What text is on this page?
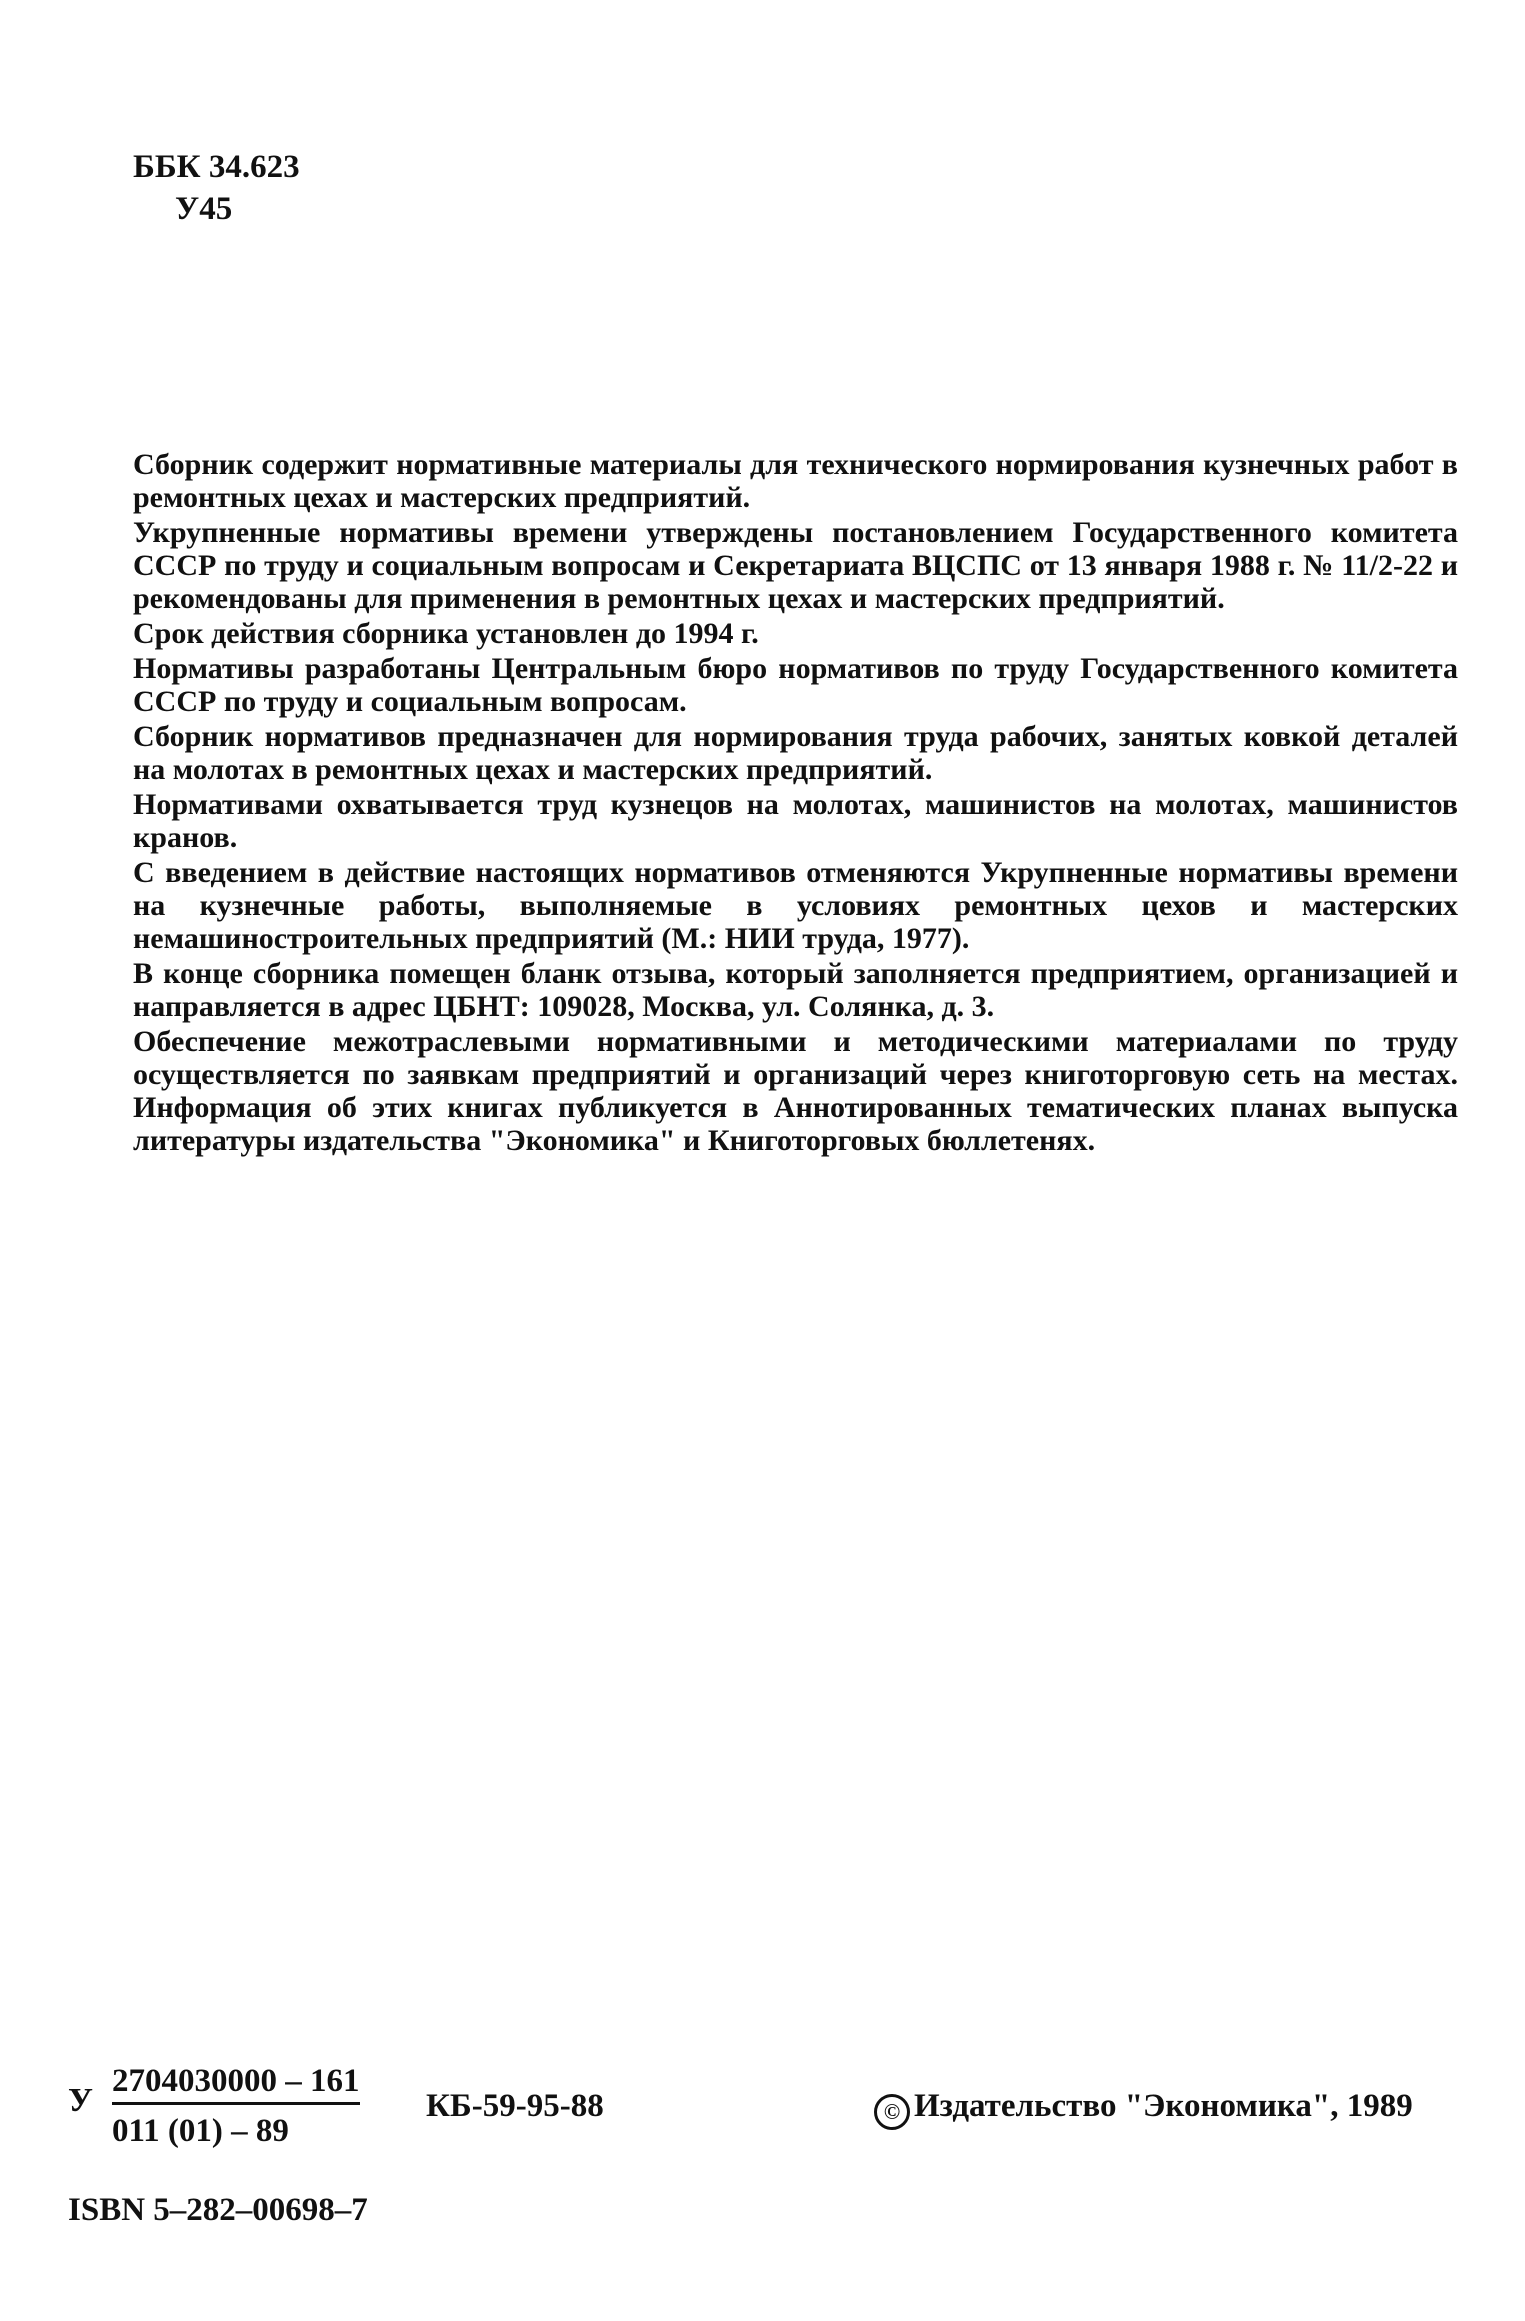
ББК 34.623
У45

Сборник содержит нормативные материалы для технического нормирования кузнечных работ в ремонтных цехах и мастерских предприятий.

Укрупненные нормативы времени утверждены постановлением Государственного комитета СССР по труду и социальным вопросам и Секретариата ВЦСПС от 13 января 1988 г. № 11/2-22 и рекомендованы для применения в ремонтных цехах и мастерских предприятий.

Срок действия сборника установлен до 1994 г.

Нормативы разработаны Центральным бюро нормативов по труду Государственного комитета СССР по труду и социальным вопросам.

Сборник нормативов предназначен для нормирования труда рабочих, занятых ковкой деталей на молотах в ремонтных цехах и мастерских предприятий.

Нормативами охватывается труд кузнецов на молотах, машинистов на молотах, машинистов кранов.

С введением в действие настоящих нормативов отменяются Укрупненные нормативы времени на кузнечные работы, выполняемые в условиях ремонтных цехов и мастерских немашиностроительных предприятий (М.: НИИ труда, 1977).

В конце сборника помещен бланк отзыва, который заполняется предприятием, организацией и направляется в адрес ЦБНТ: 109028, Москва, ул. Солянка, д. 3.

Обеспечение межотраслевыми нормативными и методическими материалами по труду осуществляется по заявкам предприятий и организаций через книготорговую сеть на местах. Информация об этих книгах публикуется в Аннотированных тематических планах выпуска литературы издательства "Экономика" и Книготорговых бюллетенях.

У
2704030000 – 161
011 (01) – 89
КБ-59-95-88	© Издательство "Экономика", 1989
ISBN 5–282–00698–7
